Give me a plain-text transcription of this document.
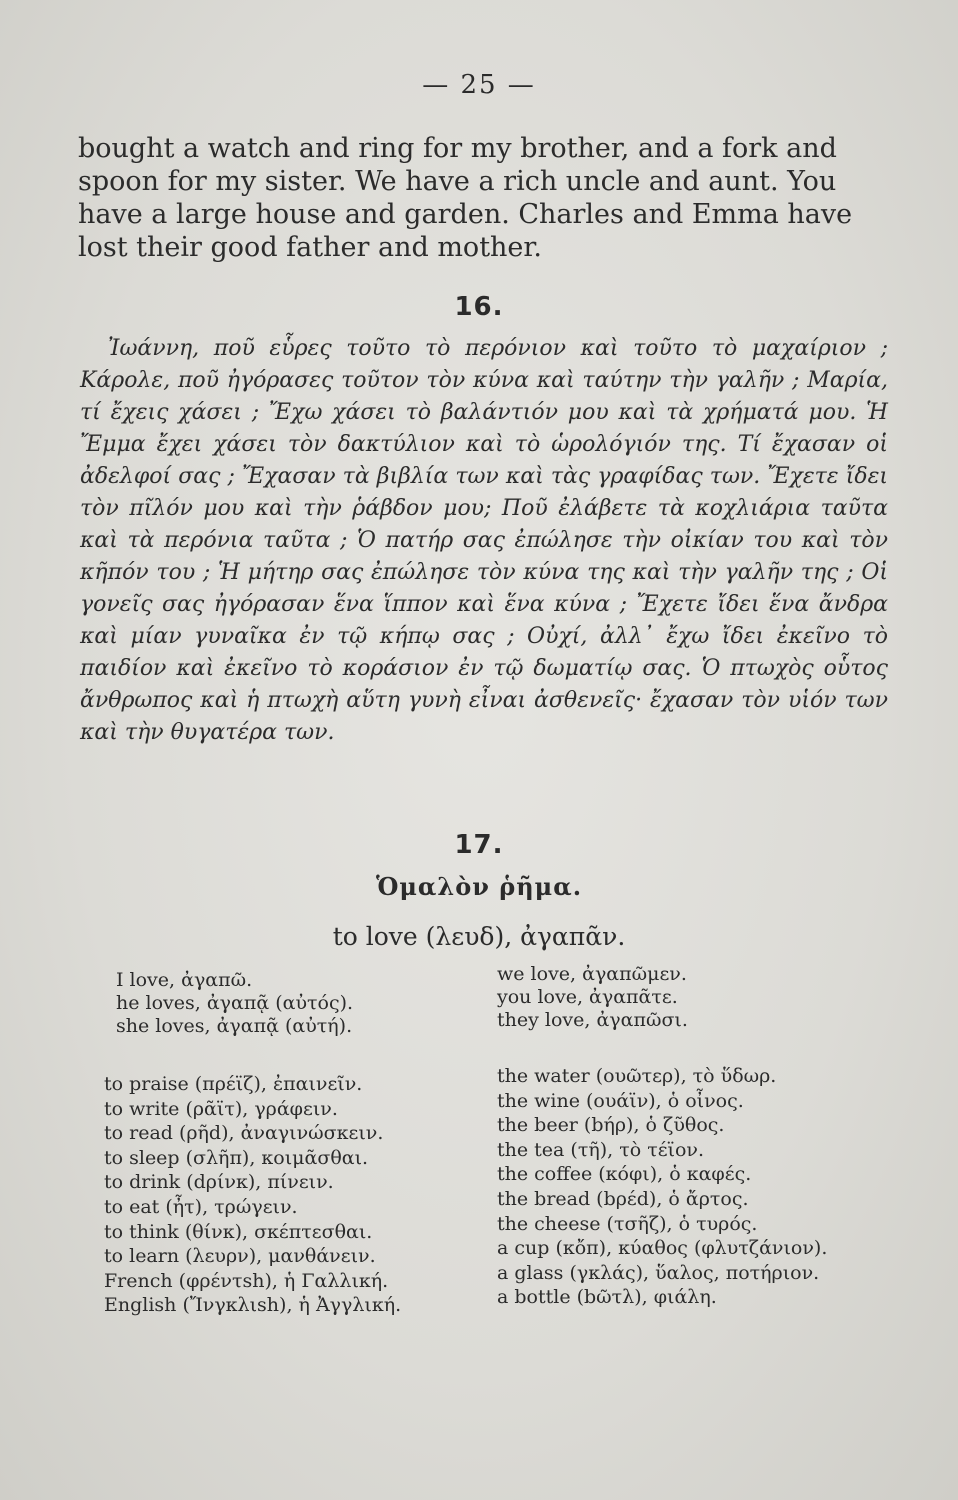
— 25 —

bought a watch and ring for my brother, and a fork and spoon for my sister. We have a rich uncle and aunt. You have a large house and garden. Charles and Emma have lost their good father and mother.

16.

Ἰωάννη, ποῦ εὗρες τοῦτο τὸ περόνιον καὶ τοῦτο τὸ μαχαίριον ; Κάρολε, ποῦ ἠγόρασες τοῦτον τὸν κύνα καὶ ταύτην τὴν γαλῆν ; Μαρία, τί ἔχεις χάσει ; Ἔχω χάσει τὸ βαλάντιόν μου καὶ τὰ χρήματά μου. Ἡ Ἔμμα ἔχει χάσει τὸν δακτύλιον καὶ τὸ ὡρολόγιόν της. Τί ἔχασαν οἱ ἀδελφοί σας ; Ἔχασαν τὰ βιβλία των καὶ τὰς γραφίδας των. Ἔχετε ἴδει τὸν πῖλόν μου καὶ τὴν ῥάβδον μου; Ποῦ ἐλάβετε τὰ κοχλιάρια ταῦτα καὶ τὰ περόνια ταῦτα ; Ὁ πατήρ σας ἐπώλησε τὴν οἰκίαν του καὶ τὸν κῆπόν του ; Ἡ μήτηρ σας ἐπώλησε τὸν κύνα της καὶ τὴν γαλῆν της ; Οἱ γονεῖς σας ἠγόρασαν ἕνα ἵππον καὶ ἕνα κύνα ; Ἔχετε ἴδει ἕνα ἄνδρα καὶ μίαν γυναῖκα ἐν τῷ κήπῳ σας ; Οὐχί, ἀλλ᾽ ἔχω ἴδει ἐκεῖνο τὸ παιδίον καὶ ἐκεῖνο τὸ κοράσιον ἐν τῷ δωματίῳ σας. Ὁ πτωχὸς οὗτος ἄνθρωπος καὶ ἡ πτωχὴ αὕτη γυνὴ εἶναι ἀσθενεῖς· ἔχασαν τὸν υἱόν των καὶ τὴν θυγατέρα των.

17.
Ὁμαλὸν ῥῆμα.
to love (λευδ), ἀγαπᾶν.
I love, ἀγαπῶ.
he loves, ἀγαπᾷ (αὐτός).
she loves, ἀγαπᾷ (αὐτή).
we love, ἀγαπῶμεν.
you love, ἀγαπᾶτε.
they love, ἀγαπῶσι.
to praise (πρέϊζ), ἐπαινεῖν.
to write (ρᾶϊτ), γράφειν.
to read (ρῆd), ἀναγινώσκειν.
to sleep (σλῆπ), κοιμᾶσθαι.
to drink (dρίνκ), πίνειν.
to eat (ἦτ), τρώγειν.
to think (θίνκ), σκέπτεσθαι.
to learn (λευρν), μανθάνειν.
French (φρέντsh), ἡ Γαλλική.
English (Ἴνγκλιsh), ἡ Ἀγγλική.
the water (ουῶτερ), τὸ ὕδωρ.
the wine (ουάϊν), ὁ οἶνος.
the beer (bήρ), ὁ ζῦθος.
the tea (τῆ), τὸ τέϊον.
the coffee (κόφι), ὁ καφές.
the bread (bρέd), ὁ ἄρτος.
the cheese (τσῆζ), ὁ τυρός.
a cup (κὄπ), κύαθος (φλυτζάνιον).
a glass (γκλάς), ὕαλος, ποτήριον.
a bottle (bῶτλ), φιάλη.
